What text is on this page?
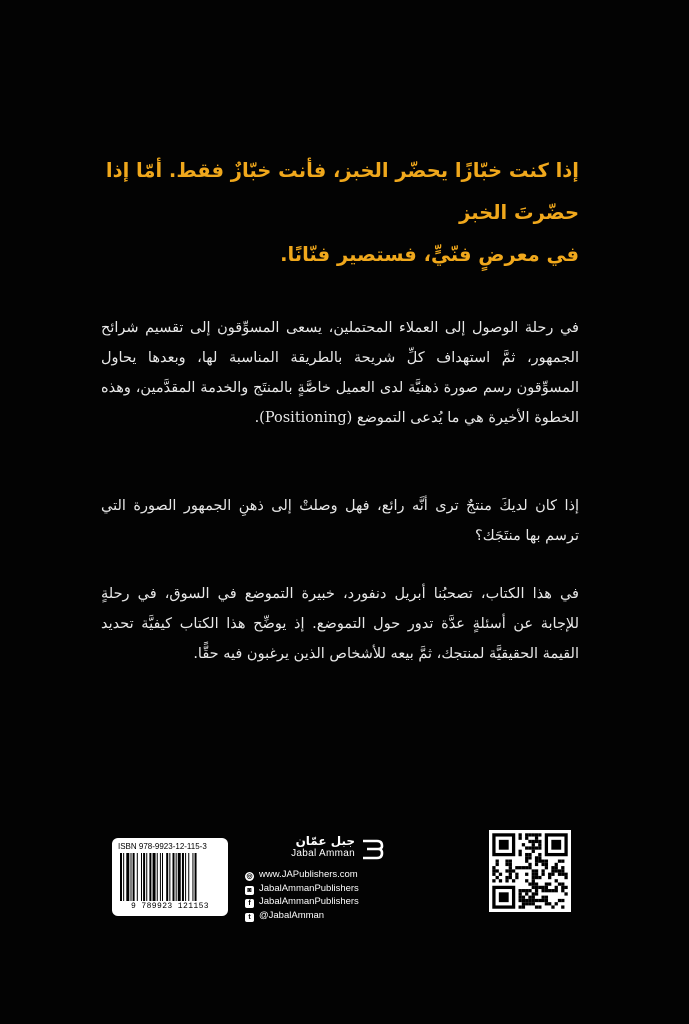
إذا كنت خبّازًا يحضّر الخبز، فأنت خبّازٌ فقط. أمّا إذا حضّرتَ الخبز

في معرضٍ فنّيٍّ، فستصير فنّانًا.

في رحلة الوصول إلى العملاء المحتملين، يسعى المسوِّقون إلى تقسيم شرائح الجمهور، ثمَّ استهداف كلِّ شريحة بالطريقة المناسبة لها، وبعدها يحاول المسوِّقون رسم صورة ذهنيَّة لدى العميل خاصَّةٍ بالمنتَج والخدمة المقدَّمين، وهذه الخطوة الأخيرة هي ما يُدعى التموضع (Positioning).

إذا كان لديكَ منتجٌ ترى أنَّه رائع، فهل وصلتْ إلى ذهنِ الجمهور الصورة التي ترسم بها منتَجَك؟

في هذا الكتاب، تصحبُنا أبريل دنفورد، خبيرة التموضع في السوق، في رحلةٍ للإجابة عن أسئلةٍ عدَّة تدور حول التموضع. إذ يوضِّح هذا الكتاب كيفيَّة تحديد القيمة الحقيقيَّة لمنتجك، ثمَّ بيعه للأشخاص الذين يرغبون فيه حقًّا.

ISBN 978-9923-12-115-3
9 789923 121153
جبل عمّان
Jabal Amman
◎ www.JAPublishers.com
◙ JabalAmmanPublishers
f JabalAmmanPublishers
t @JabalAmman
